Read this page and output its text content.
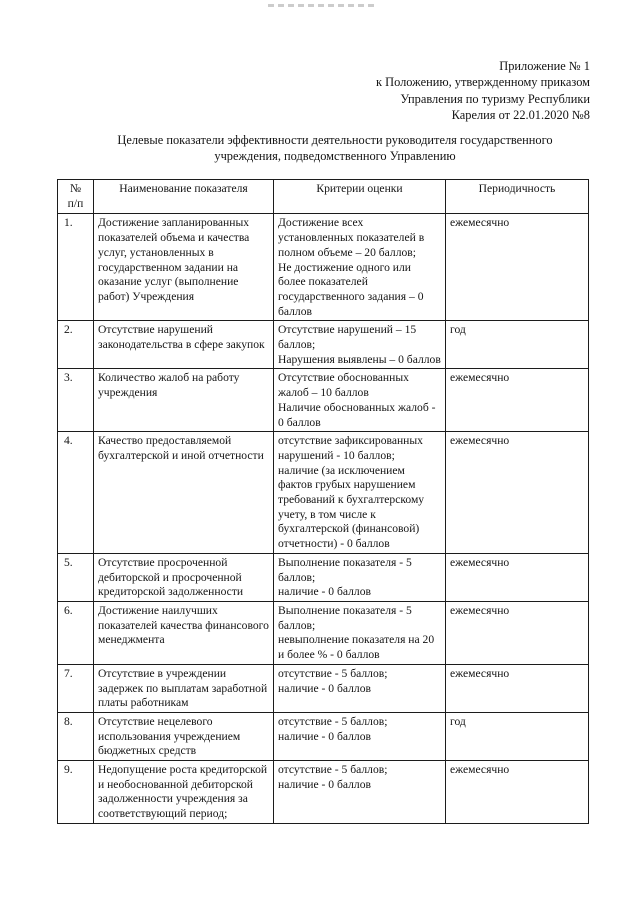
Приложение № 1
к Положению, утвержденному приказом
Управления по туризму Республики
Карелия от 22.01.2020 №8
Целевые показатели эффективности деятельности руководителя государственного
учреждения, подведомственного Управлению
№
п/п	Наименование показателя	Критерии оценки	Периодичность
1.	Достижение запланированных показателей объема и качества услуг, установленных в государственном задании на оказание услуг (выполнение работ) Учреждения	Достижение всех установленных показателей в полном объеме – 20 баллов;
Не достижение одного или более показателей государственного задания – 0 баллов	ежемесячно
2.	Отсутствие нарушений законодательства в сфере закупок	Отсутствие нарушений – 15 баллов;
Нарушения выявлены – 0 баллов	год
3.	Количество жалоб на работу учреждения	Отсутствие обоснованных жалоб – 10 баллов
Наличие обоснованных жалоб - 0 баллов	ежемесячно
4.	Качество предоставляемой бухгалтерской и иной отчетности	отсутствие зафиксированных нарушений - 10 баллов;
наличие (за исключением фактов грубых нарушением требований к бухгалтерскому учету, в том числе к бухгалтерской (финансовой) отчетности) - 0 баллов	ежемесячно
5.	Отсутствие просроченной дебиторской и просроченной кредиторской задолженности	Выполнение показателя - 5 баллов;
наличие - 0 баллов	ежемесячно
6.	Достижение наилучших показателей качества финансового менеджмента	Выполнение показателя - 5 баллов;
невыполнение показателя на 20 и более % - 0 баллов	ежемесячно
7.	Отсутствие в учреждении задержек по выплатам заработной платы работникам	отсутствие - 5 баллов;
наличие - 0 баллов	ежемесячно
8.	Отсутствие нецелевого использования учреждением бюджетных средств	отсутствие - 5 баллов;
наличие - 0 баллов	год
9.	Недопущение роста кредиторской и необоснованной дебиторской задолженности учреждения за соответствующий период;	отсутствие - 5 баллов;
наличие - 0 баллов	ежемесячно
